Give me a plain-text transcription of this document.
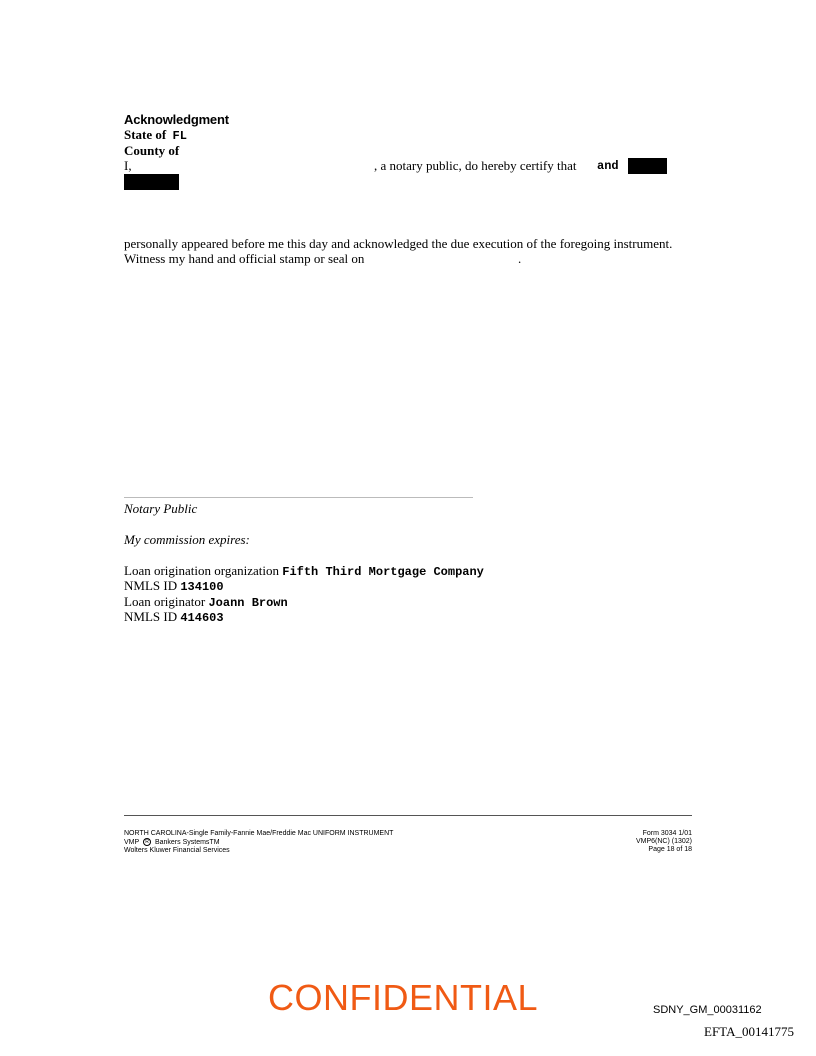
Acknowledgment
State of FL
County of
I,	, a notary public, do hereby certify that and
personally appeared before me this day and acknowledged the due execution of the foregoing instrument.
Witness my hand and official stamp or seal on	.
Notary Public
My commission expires:
Loan origination organization Fifth Third Mortgage Company
NMLS ID 134100
Loan originator Joann Brown
NMLS ID 414603
NORTH CAROLINA-Single Family-Fannie Mae/Freddie Mac UNIFORM INSTRUMENT
VMP R Bankers SystemsTM
Wolters Kluwer Financial Services
Form 3034 1/01
VMP6(NC) (1302)
Page 18 of 18
CONFIDENTIAL	SDNY_GM_00031162
EFTA_00141775
